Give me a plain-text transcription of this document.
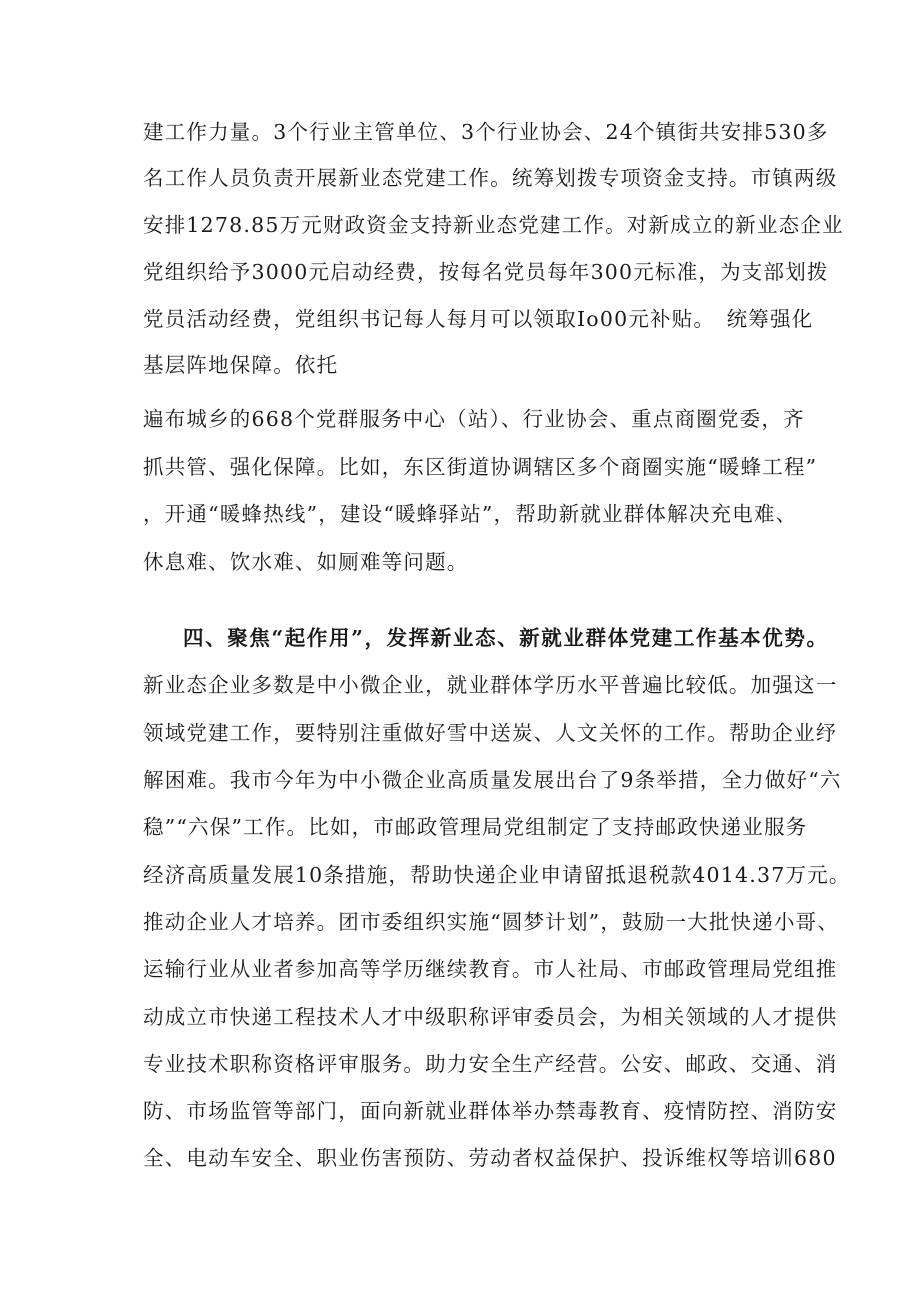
建工作力量。3个行业主管单位、3个行业协会、24个镇街共安排530多
名工作人员负责开展新业态党建工作。统筹划拨专项资金支持。市镇两级
安排1278.85万元财政资金支持新业态党建工作。对新成立的新业态企业
党组织给予3000元启动经费，按每名党员每年300元标准，为支部划拨
党员活动经费，党组织书记每人每月可以领取Io00元补贴。　统筹强化
基层阵地保障。依托
遍布城乡的668个党群服务中心（站）、行业协会、重点商圈党委，齐
抓共管、强化保障。比如，东区街道协调辖区多个商圈实施“暖蜂工程”
，开通“暖蜂热线”，建设“暖蜂驿站”，帮助新就业群体解决充电难、
休息难、饮水难、如厕难等问题。
四、聚焦“起作用”，发挥新业态、新就业群体党建工作基本优势。
新业态企业多数是中小微企业，就业群体学历水平普遍比较低。加强这一
领域党建工作，要特别注重做好雪中送炭、人文关怀的工作。帮助企业纾
解困难。我市今年为中小微企业高质量发展出台了9条举措，全力做好“六
稳”“六保”工作。比如，市邮政管理局党组制定了支持邮政快递业服务
经济高质量发展10条措施，帮助快递企业申请留抵退税款4014.37万元。
推动企业人才培养。团市委组织实施“圆梦计划”，鼓励一大批快递小哥、
运输行业从业者参加高等学历继续教育。市人社局、市邮政管理局党组推
动成立市快递工程技术人才中级职称评审委员会，为相关领域的人才提供
专业技术职称资格评审服务。助力安全生产经营。公安、邮政、交通、消
防、市场监管等部门，面向新就业群体举办禁毒教育、疫情防控、消防安
全、电动车安全、职业伤害预防、劳动者权益保护、投诉维权等培训680
